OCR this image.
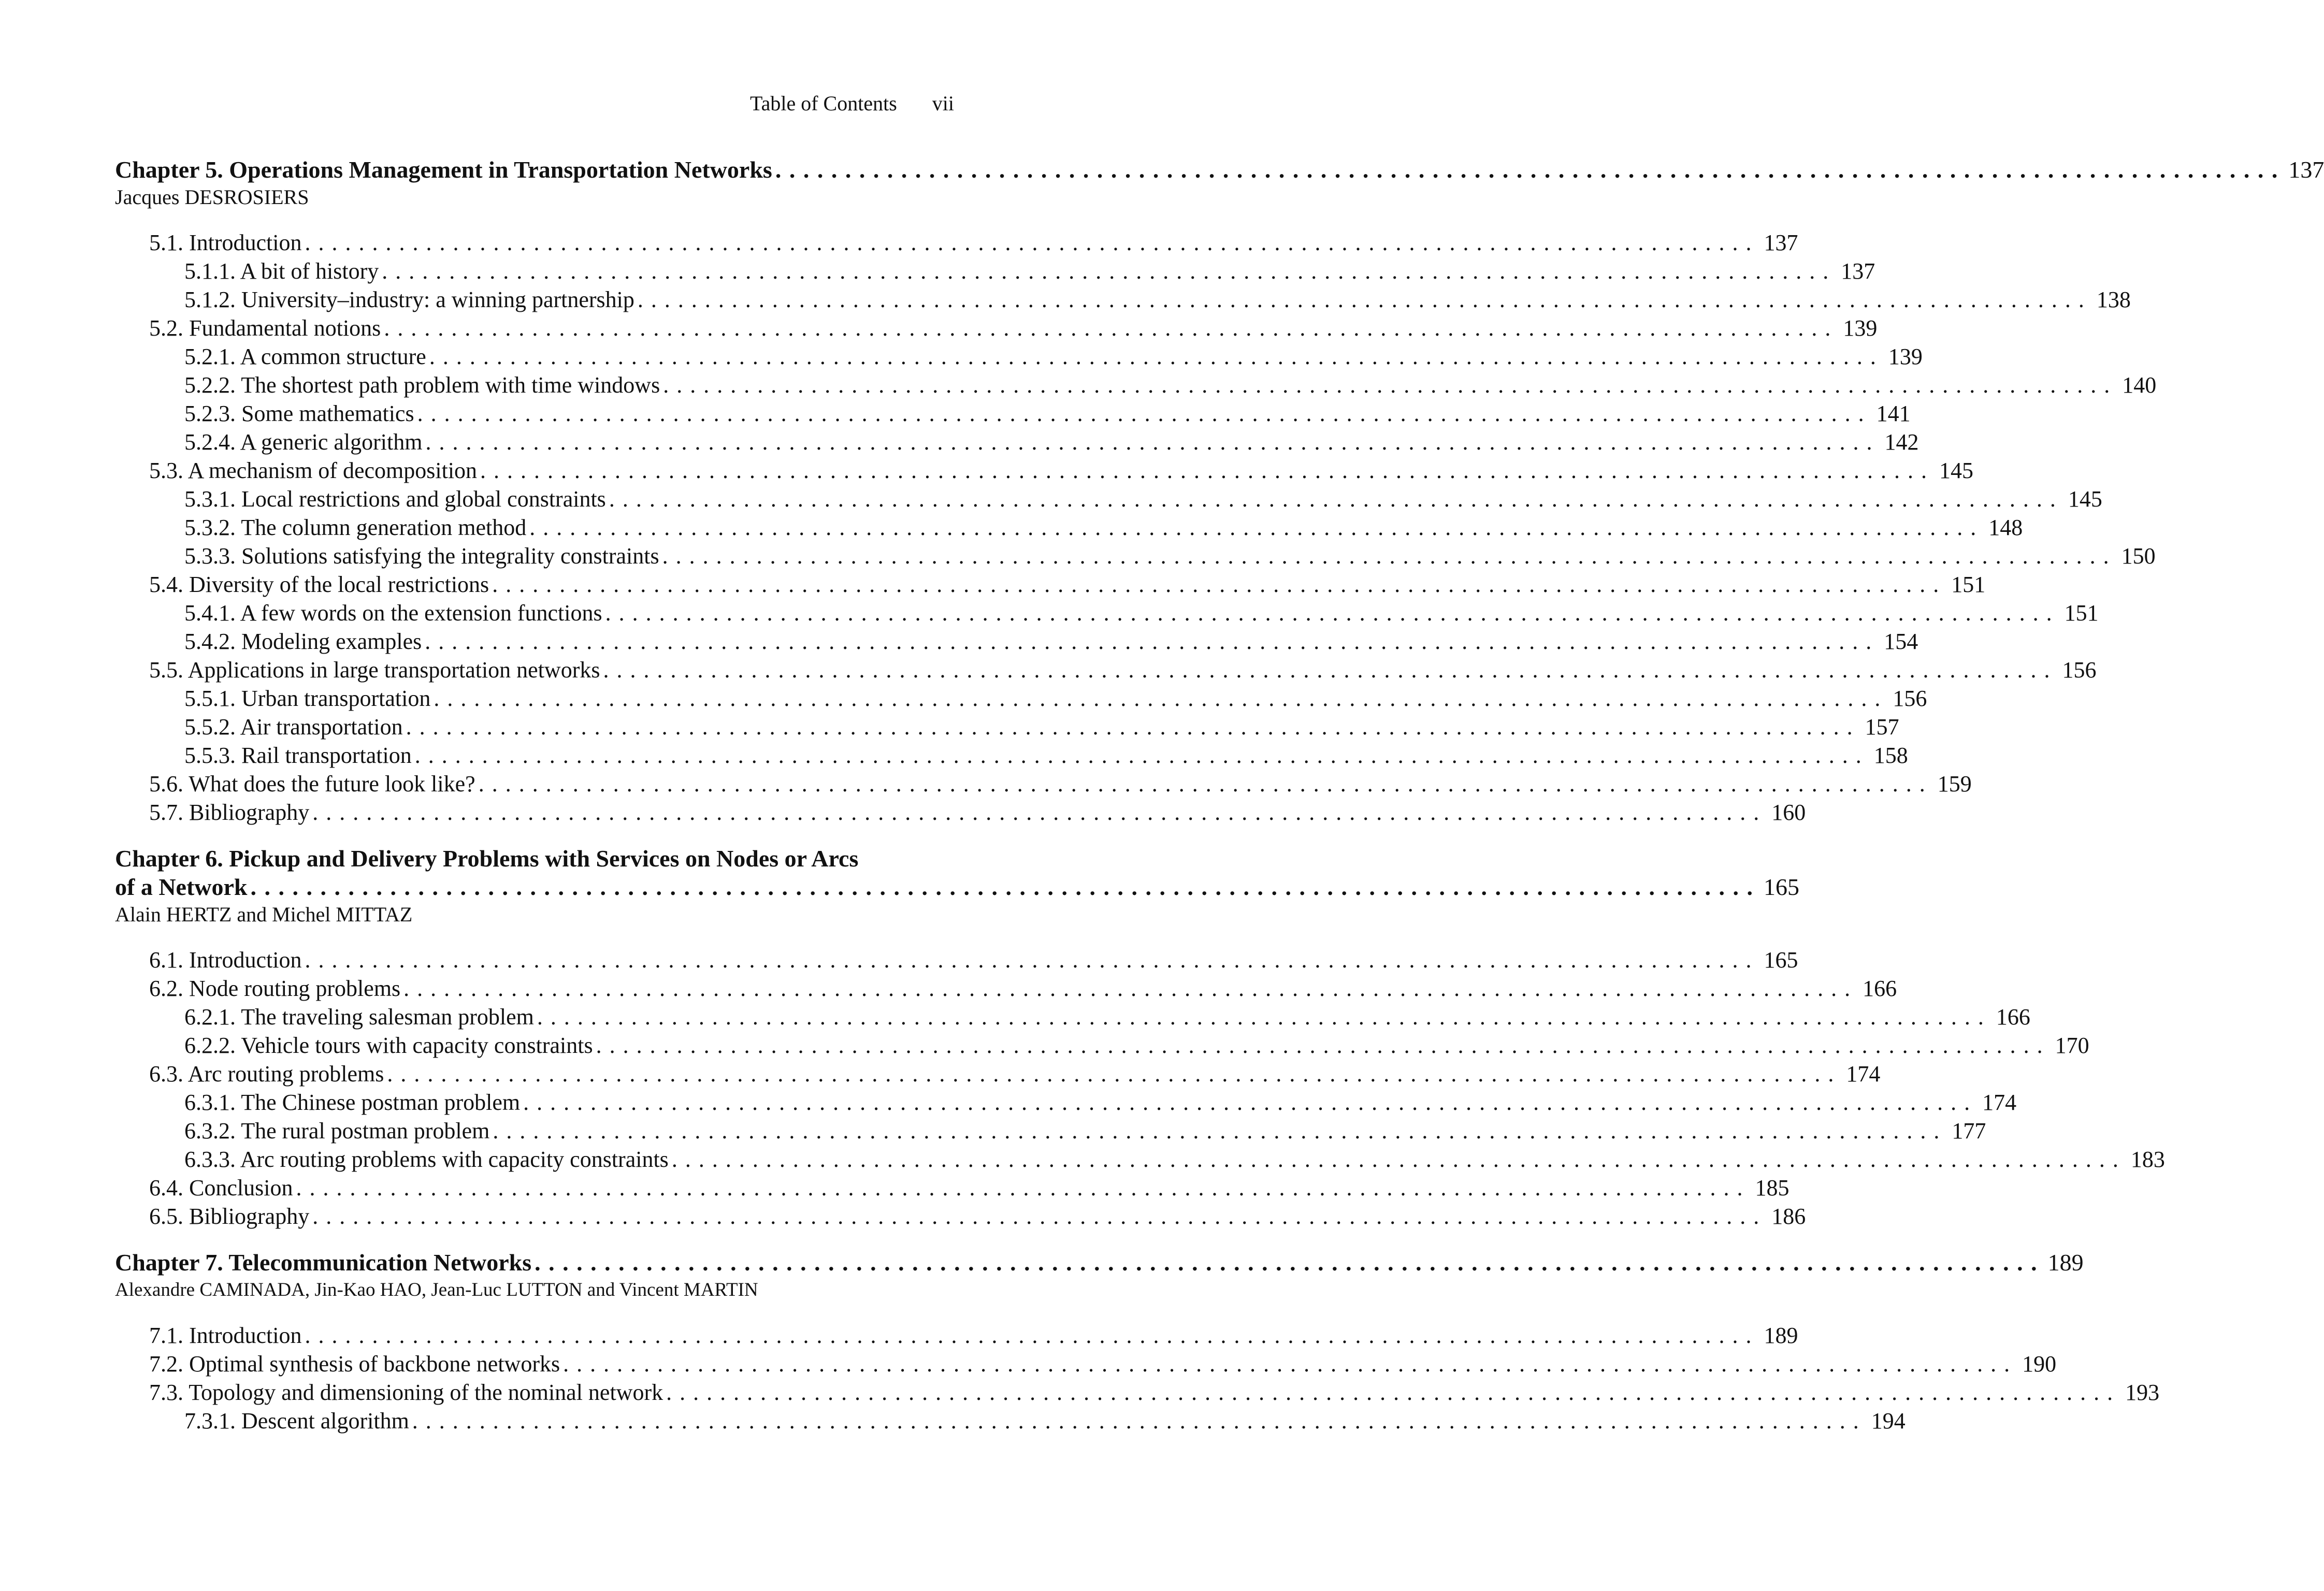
Table of Contents vii
Chapter 5. Operations Management in Transportation Networks . . .	137
Jacques DESROSIERS
5.1. Introduction . . .	137
5.1.1. A bit of history . . .	137
5.1.2. University–industry: a winning partnership . . .	138
5.2. Fundamental notions . . .	139
5.2.1. A common structure . . .	139
5.2.2. The shortest path problem with time windows . . .	140
5.2.3. Some mathematics . . .	141
5.2.4. A generic algorithm . . .	142
5.3. A mechanism of decomposition . . .	145
5.3.1. Local restrictions and global constraints . . .	145
5.3.2. The column generation method . . .	148
5.3.3. Solutions satisfying the integrality constraints . . .	150
5.4. Diversity of the local restrictions . . .	151
5.4.1. A few words on the extension functions . . .	151
5.4.2. Modeling examples . . .	154
5.5. Applications in large transportation networks . . .	156
5.5.1. Urban transportation . . .	156
5.5.2. Air transportation . . .	157
5.5.3. Rail transportation . . .	158
5.6. What does the future look like? . . .	159
5.7. Bibliography . . .	160
Chapter 6. Pickup and Delivery Problems with Services on Nodes or Arcs
of a Network . . .	165
Alain HERTZ and Michel MITTAZ
6.1. Introduction . . .	165
6.2. Node routing problems . . .	166
6.2.1. The traveling salesman problem . . .	166
6.2.2. Vehicle tours with capacity constraints . . .	170
6.3. Arc routing problems . . .	174
6.3.1. The Chinese postman problem . . .	174
6.3.2. The rural postman problem . . .	177
6.3.3. Arc routing problems with capacity constraints . . .	183
6.4. Conclusion . . .	185
6.5. Bibliography . . .	186
Chapter 7. Telecommunication Networks . . .	189
Alexandre CAMINADA, Jin-Kao HAO, Jean-Luc LUTTON and Vincent MARTIN
7.1. Introduction . . .	189
7.2. Optimal synthesis of backbone networks . . .	190
7.3. Topology and dimensioning of the nominal network . . .	193
7.3.1. Descent algorithm . . .	194
